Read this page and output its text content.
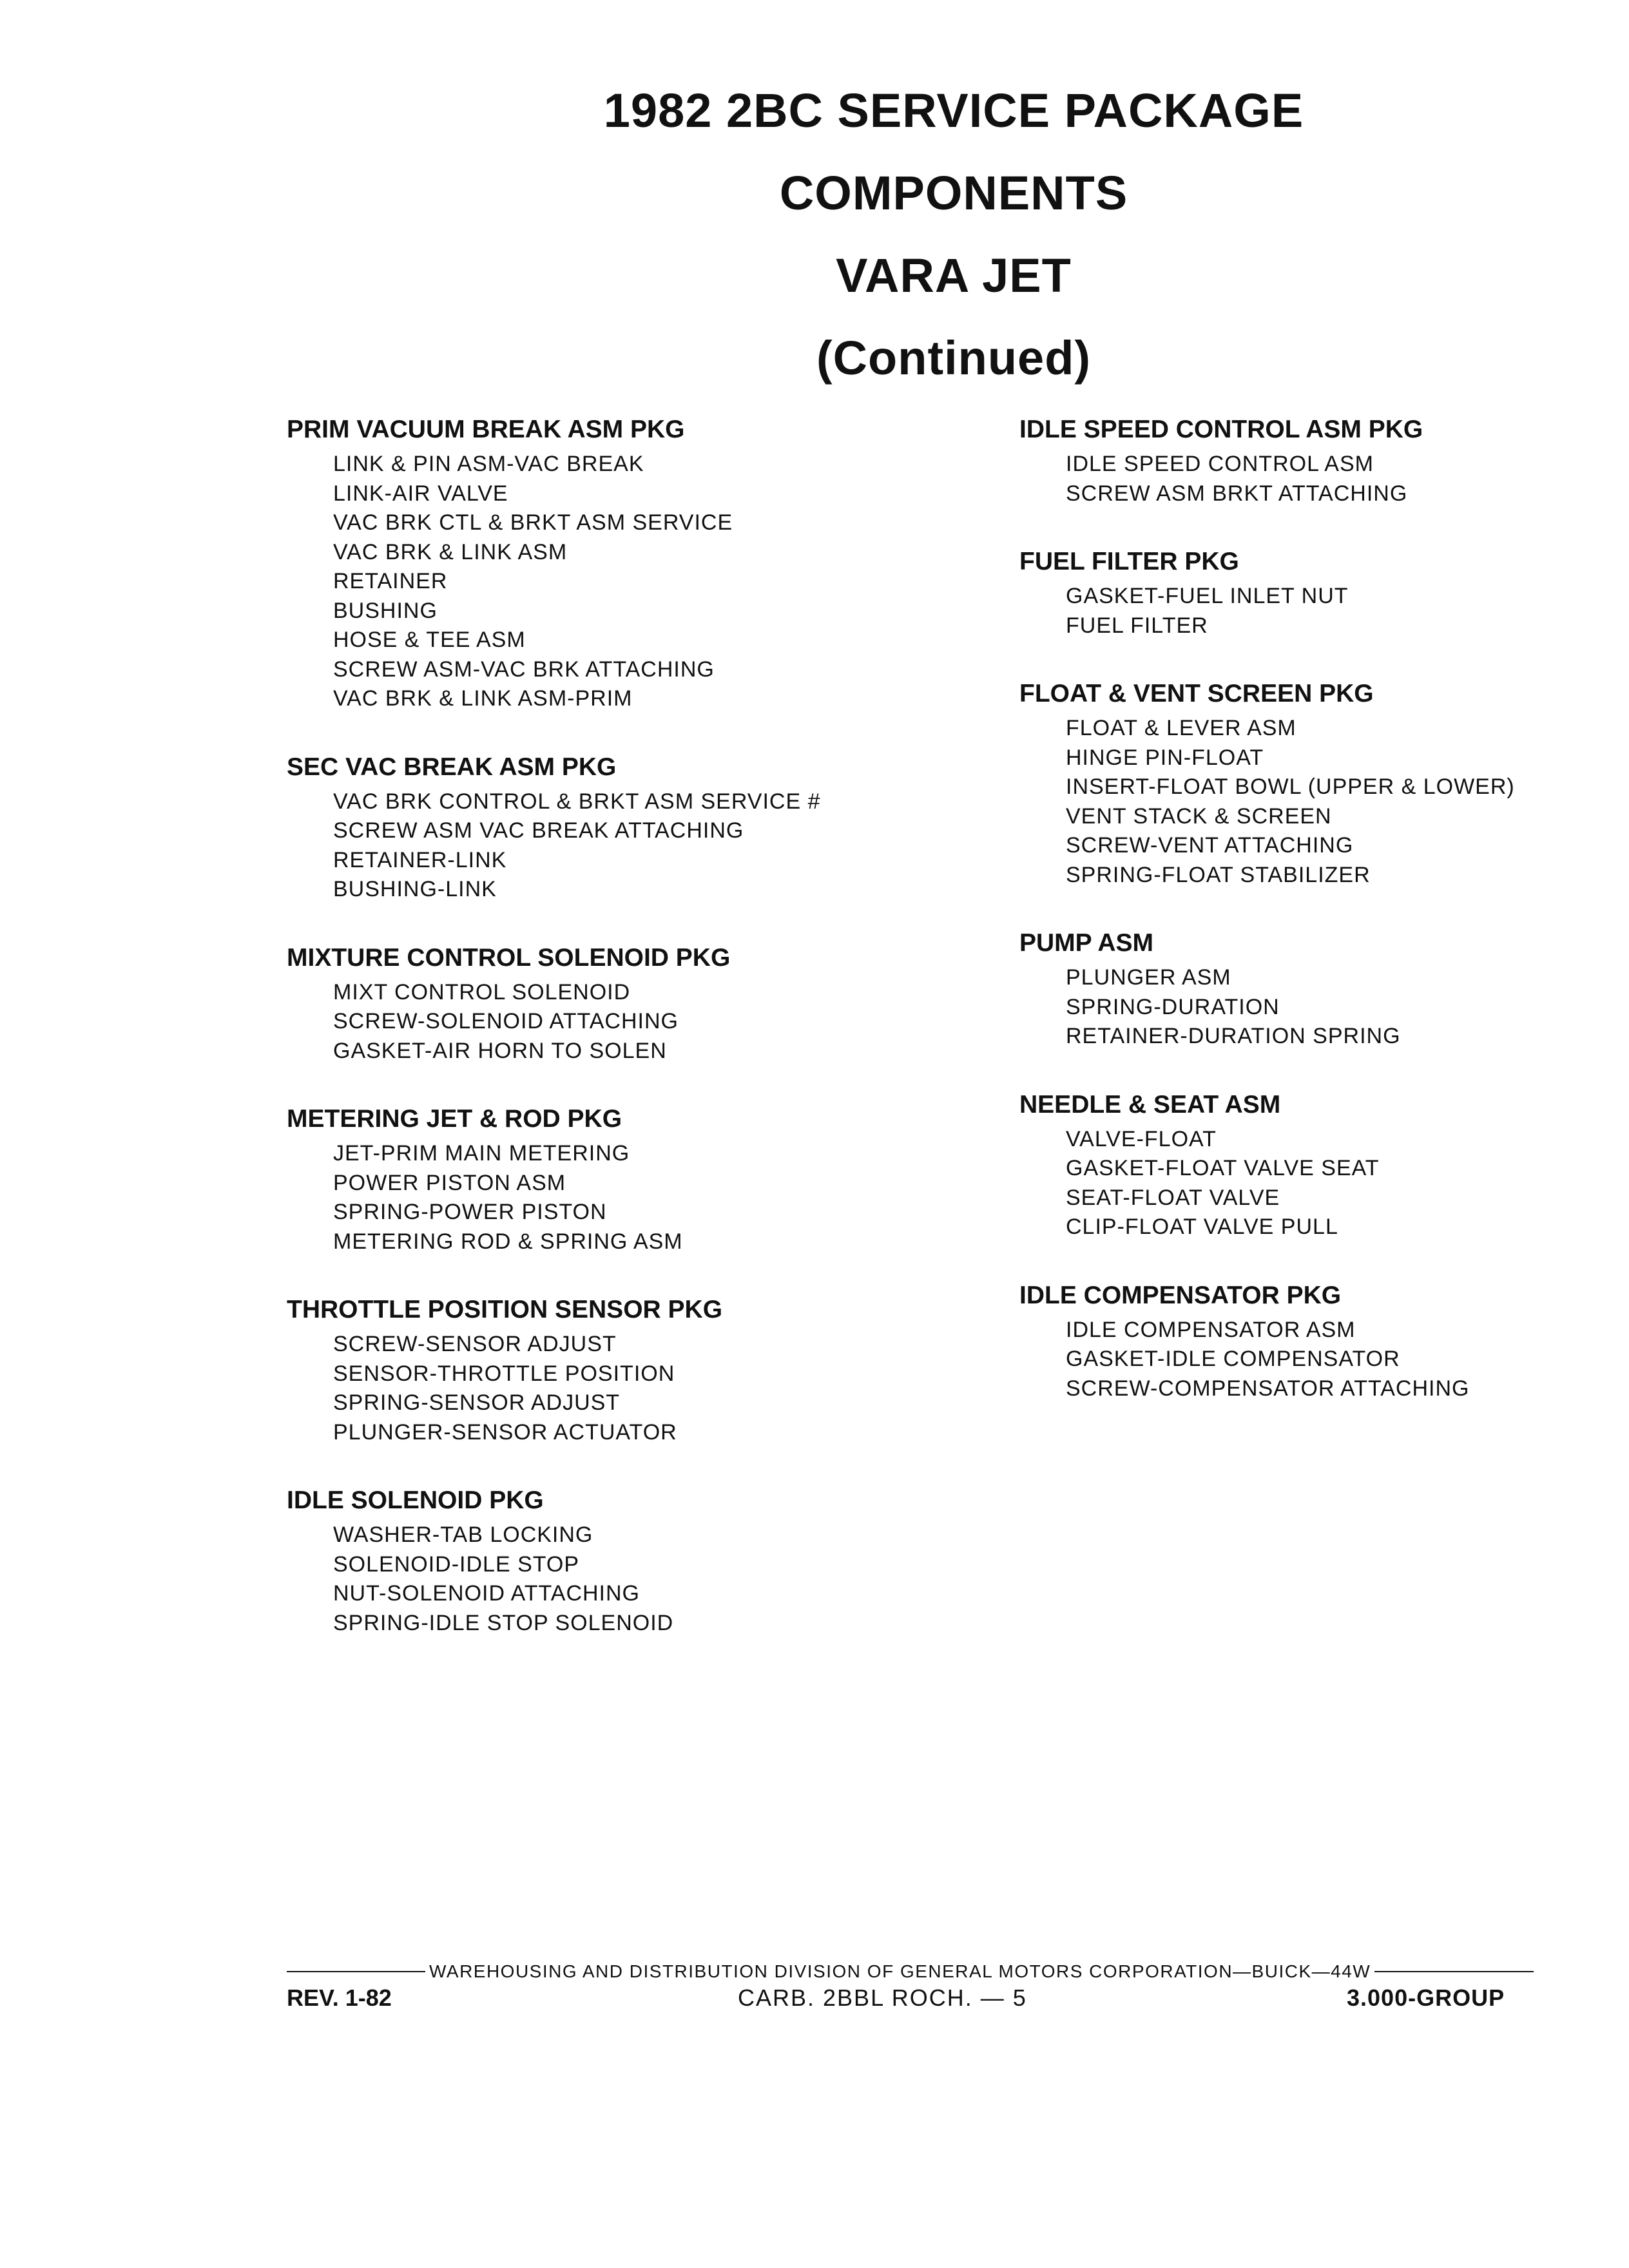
1982 2BC SERVICE PACKAGE
COMPONENTS
VARA JET
(Continued)
PRIM VACUUM BREAK ASM PKG
LINK & PIN ASM-VAC BREAK
LINK-AIR VALVE
VAC BRK CTL & BRKT ASM SERVICE
VAC BRK & LINK ASM
RETAINER
BUSHING
HOSE & TEE ASM
SCREW ASM-VAC BRK ATTACHING
VAC BRK & LINK ASM-PRIM
SEC VAC BREAK ASM PKG
VAC BRK CONTROL & BRKT ASM SERVICE #
SCREW ASM VAC BREAK ATTACHING
RETAINER-LINK
BUSHING-LINK
MIXTURE CONTROL SOLENOID PKG
MIXT CONTROL SOLENOID
SCREW-SOLENOID ATTACHING
GASKET-AIR HORN TO SOLEN
METERING JET & ROD PKG
JET-PRIM MAIN METERING
POWER PISTON ASM
SPRING-POWER PISTON
METERING ROD & SPRING ASM
THROTTLE POSITION SENSOR PKG
SCREW-SENSOR ADJUST
SENSOR-THROTTLE POSITION
SPRING-SENSOR ADJUST
PLUNGER-SENSOR ACTUATOR
IDLE SOLENOID PKG
WASHER-TAB LOCKING
SOLENOID-IDLE STOP
NUT-SOLENOID ATTACHING
SPRING-IDLE STOP SOLENOID
IDLE SPEED CONTROL ASM PKG
IDLE SPEED CONTROL ASM
SCREW ASM BRKT ATTACHING
FUEL FILTER PKG
GASKET-FUEL INLET NUT
FUEL FILTER
FLOAT & VENT SCREEN PKG
FLOAT & LEVER ASM
HINGE PIN-FLOAT
INSERT-FLOAT BOWL (UPPER & LOWER)
VENT STACK & SCREEN
SCREW-VENT ATTACHING
SPRING-FLOAT STABILIZER
PUMP ASM
PLUNGER ASM
SPRING-DURATION
RETAINER-DURATION SPRING
NEEDLE & SEAT ASM
VALVE-FLOAT
GASKET-FLOAT VALVE SEAT
SEAT-FLOAT VALVE
CLIP-FLOAT VALVE PULL
IDLE COMPENSATOR PKG
IDLE COMPENSATOR ASM
GASKET-IDLE COMPENSATOR
SCREW-COMPENSATOR ATTACHING
WAREHOUSING AND DISTRIBUTION DIVISION OF GENERAL MOTORS CORPORATION—BUICK—44W
REV. 1-82	CARB. 2BBL ROCH. — 5	3.000-GROUP
